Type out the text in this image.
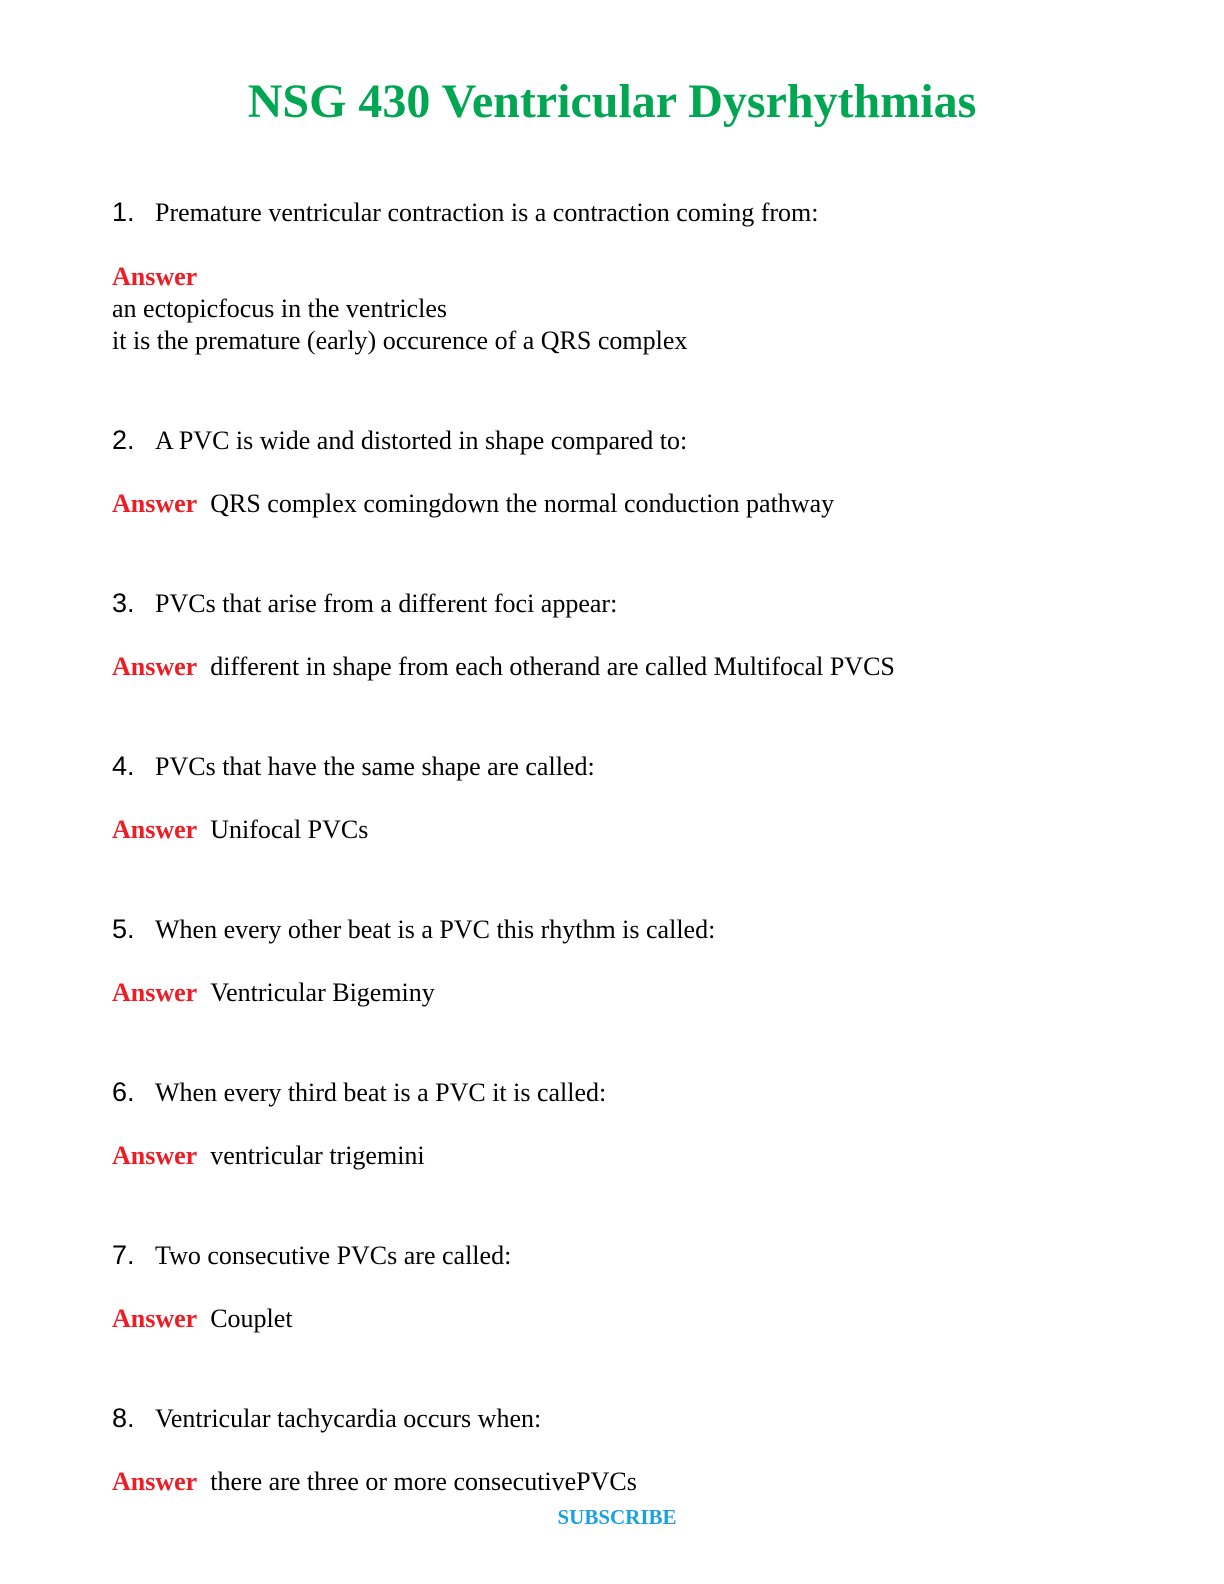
NSG 430 Ventricular Dysrhythmias
1. Premature ventricular contraction is a contraction coming from:
Answer
an ectopicfocus in the ventricles
it is the premature (early) occurence of a QRS complex
2. A PVC is wide and distorted in shape compared to:
Answer QRS complex comingdown the normal conduction pathway
3. PVCs that arise from a different foci appear:
Answer different in shape from each otherand are called Multifocal PVCS
4. PVCs that have the same shape are called:
Answer Unifocal PVCs
5. When every other beat is a PVC this rhythm is called:
Answer Ventricular Bigeminy
6. When every third beat is a PVC it is called:
Answer ventricular trigemini
7. Two consecutive PVCs are called:
Answer Couplet
8. Ventricular tachycardia occurs when:
Answer there are three or more consecutivePVCs
SUBSCRIBE
